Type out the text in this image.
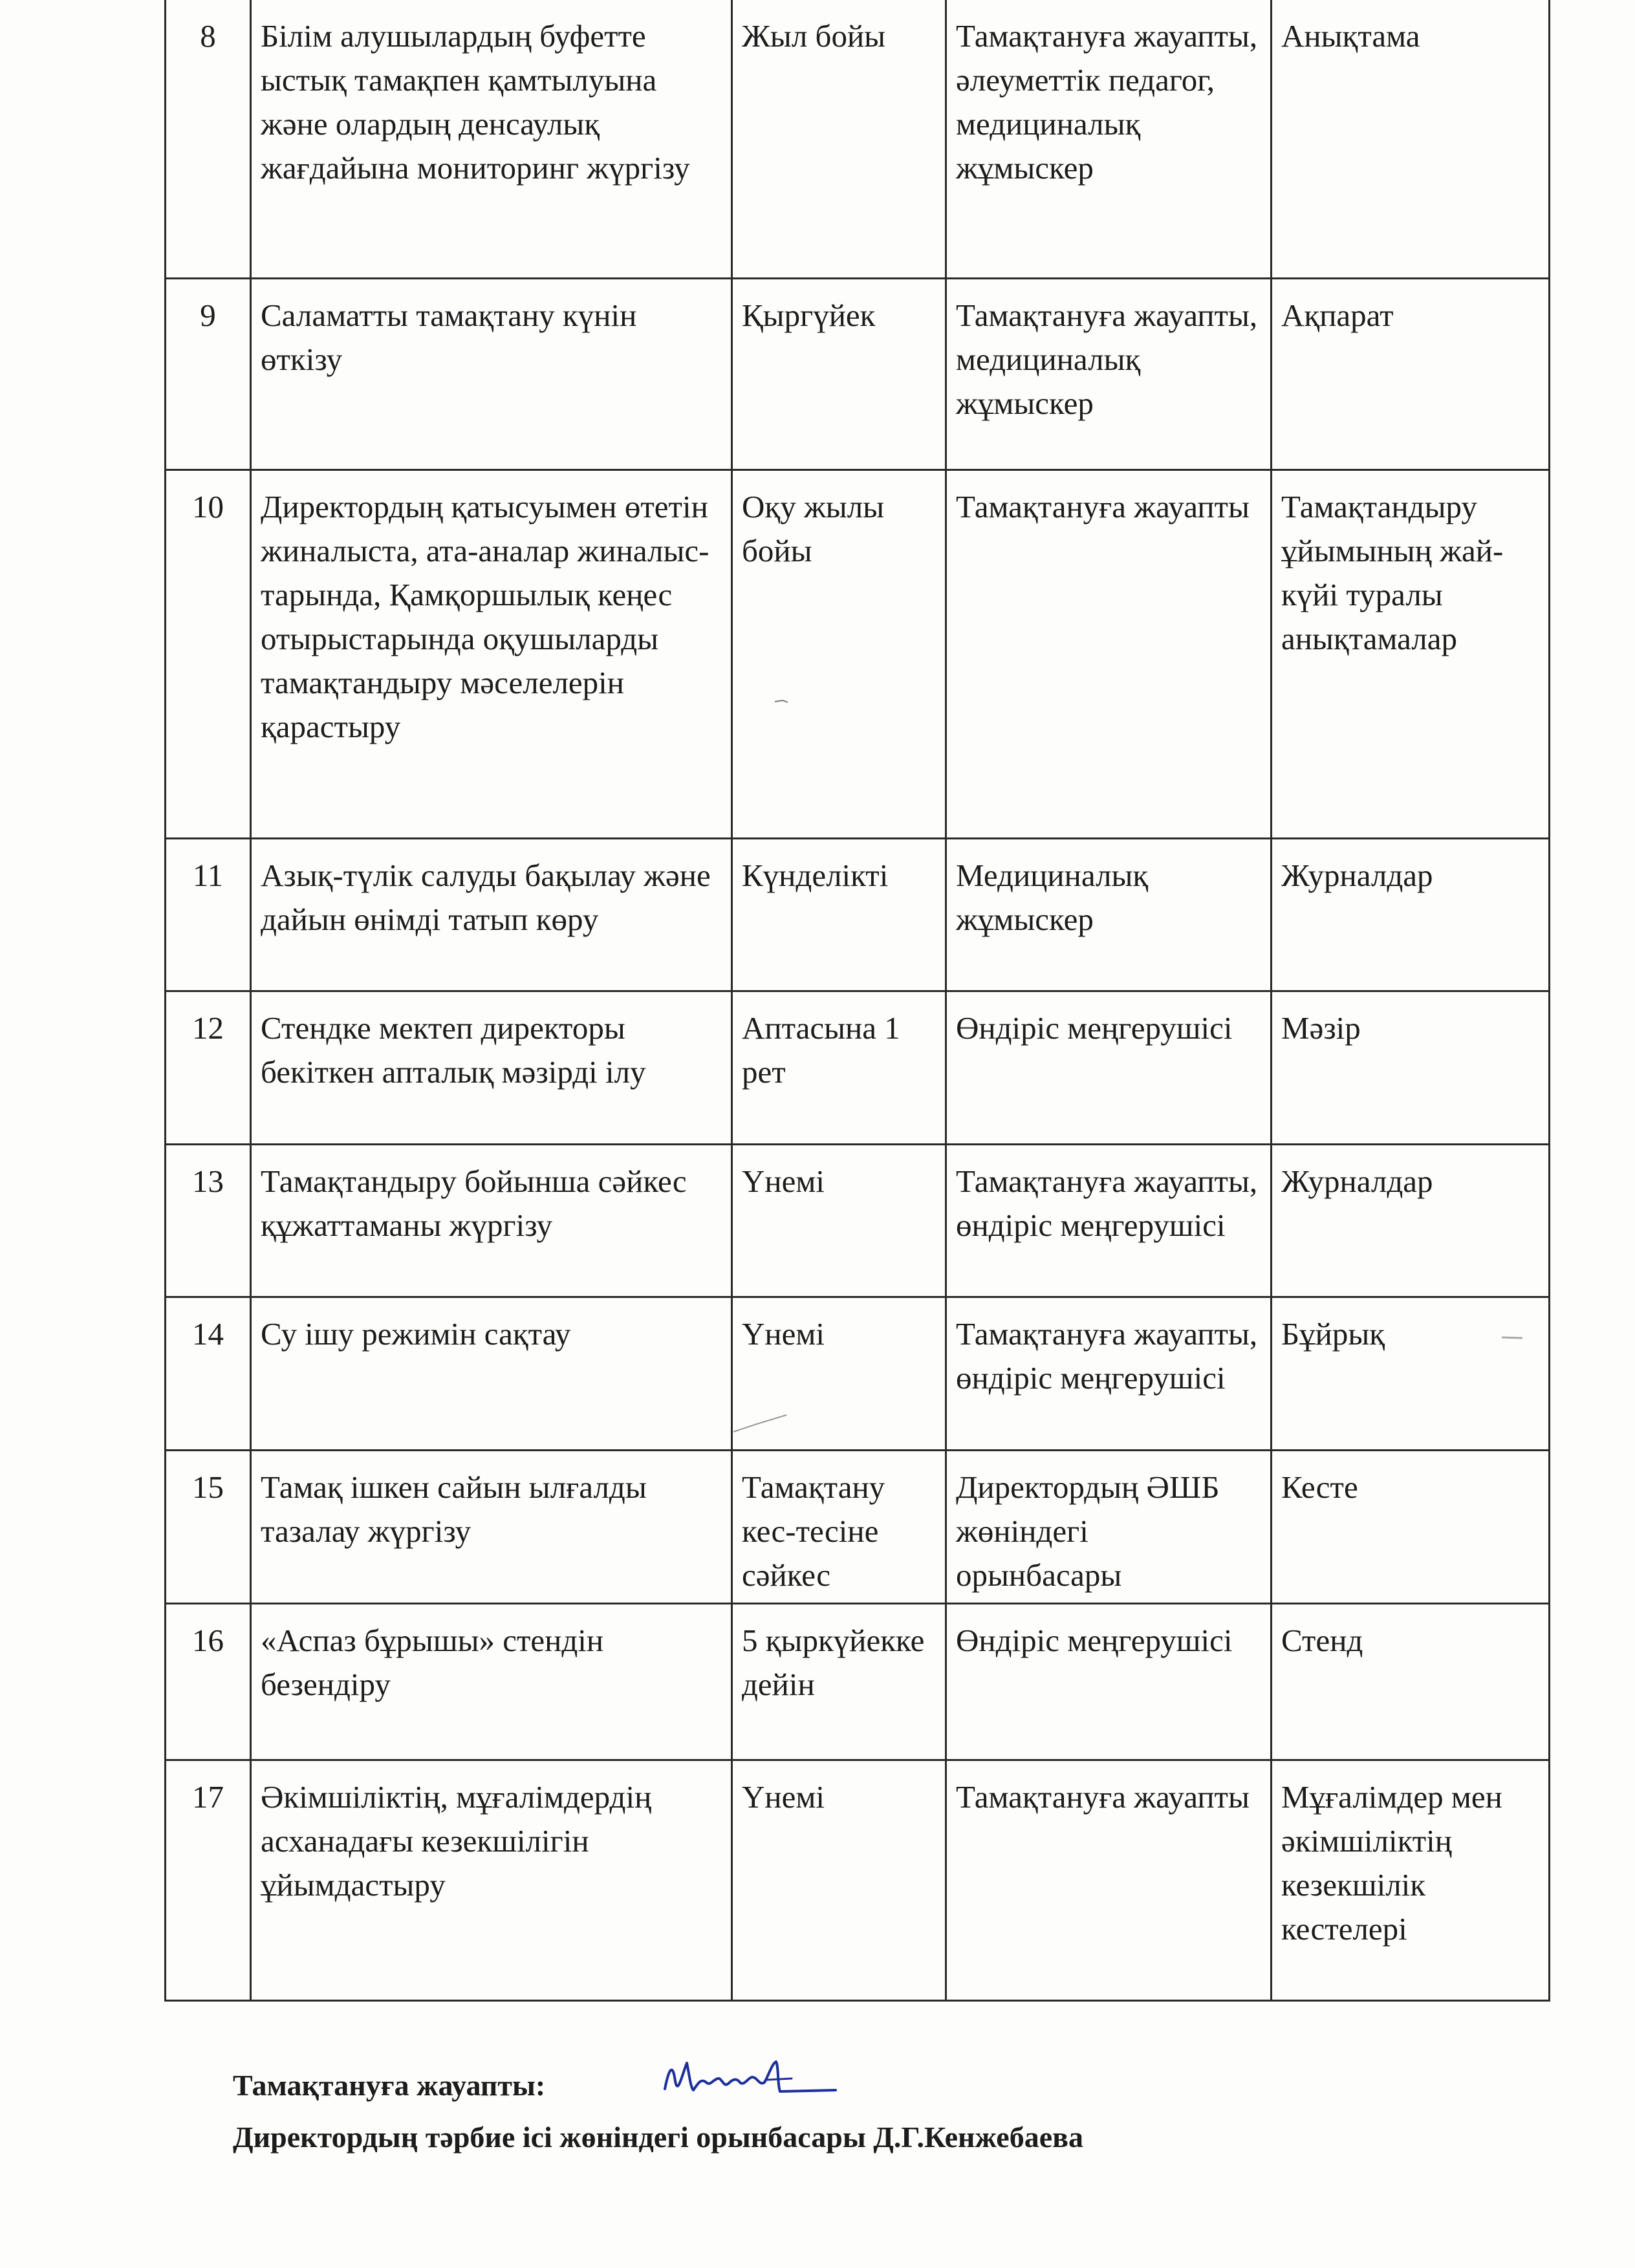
8	Білім алушылардың буфетте ыстық тамақпен қамтылуына және олардың денсаулық жағдайына мониторинг жүргізу	Жыл бойы	Тамақтануға жауапты, әлеуметтік педагог, медициналық жұмыскер	Анықтама
9	Саламатты тамақтану күнін өткізу	Қыргүйек	Тамақтануға жауапты, медициналық жұмыскер	Ақпарат
10	Директордың қатысуымен өтетін жиналыста, ата-аналар жиналыс-тарында, Қамқоршылық кеңес отырыстарында оқушыларды тамақтандыру мәселелерін қарастыру	Оқу жылы бойы	Тамақтануға жауапты	Тамақтандыру ұйымының жай-күйі туралы анықтамалар
11	Азық-түлік салуды бақылау және дайын өнімді татып көру	Күнделікті	Медициналық жұмыскер	Журналдар
12	Стендке мектеп директоры бекіткен апталық мәзірді ілу	Аптасына 1 рет	Өндіріс меңгерушісі	Мәзір
13	Тамақтандыру бойынша сәйкес құжаттаманы жүргізу	Үнемі	Тамақтануға жауапты, өндіріс меңгерушісі	Журналдар
14	Су ішу режимін сақтау	Үнемі	Тамақтануға жауапты, өндіріс меңгерушісі	Бұйрық
15	Тамақ ішкен сайын ылғалды тазалау жүргізу	Тамақтану кес-тесіне сәйкес	Директордың ӘШБ жөніндегі орынбасары	Кесте
16	«Аспаз бұрышы» стендін безендіру	5 қыркүйекке дейін	Өндіріс меңгерушісі	Стенд
17	Әкімшіліктің, мұғалімдердің асханадағы кезекшілігін ұйымдастыру	Үнемі	Тамақтануға жауапты	Мұғалімдер мен әкімшіліктің кезекшілік кестелері
Тамақтануға жауапты:
Директордың тәрбие ісі жөніндегі орынбасары Д.Г.Кенжебаева
